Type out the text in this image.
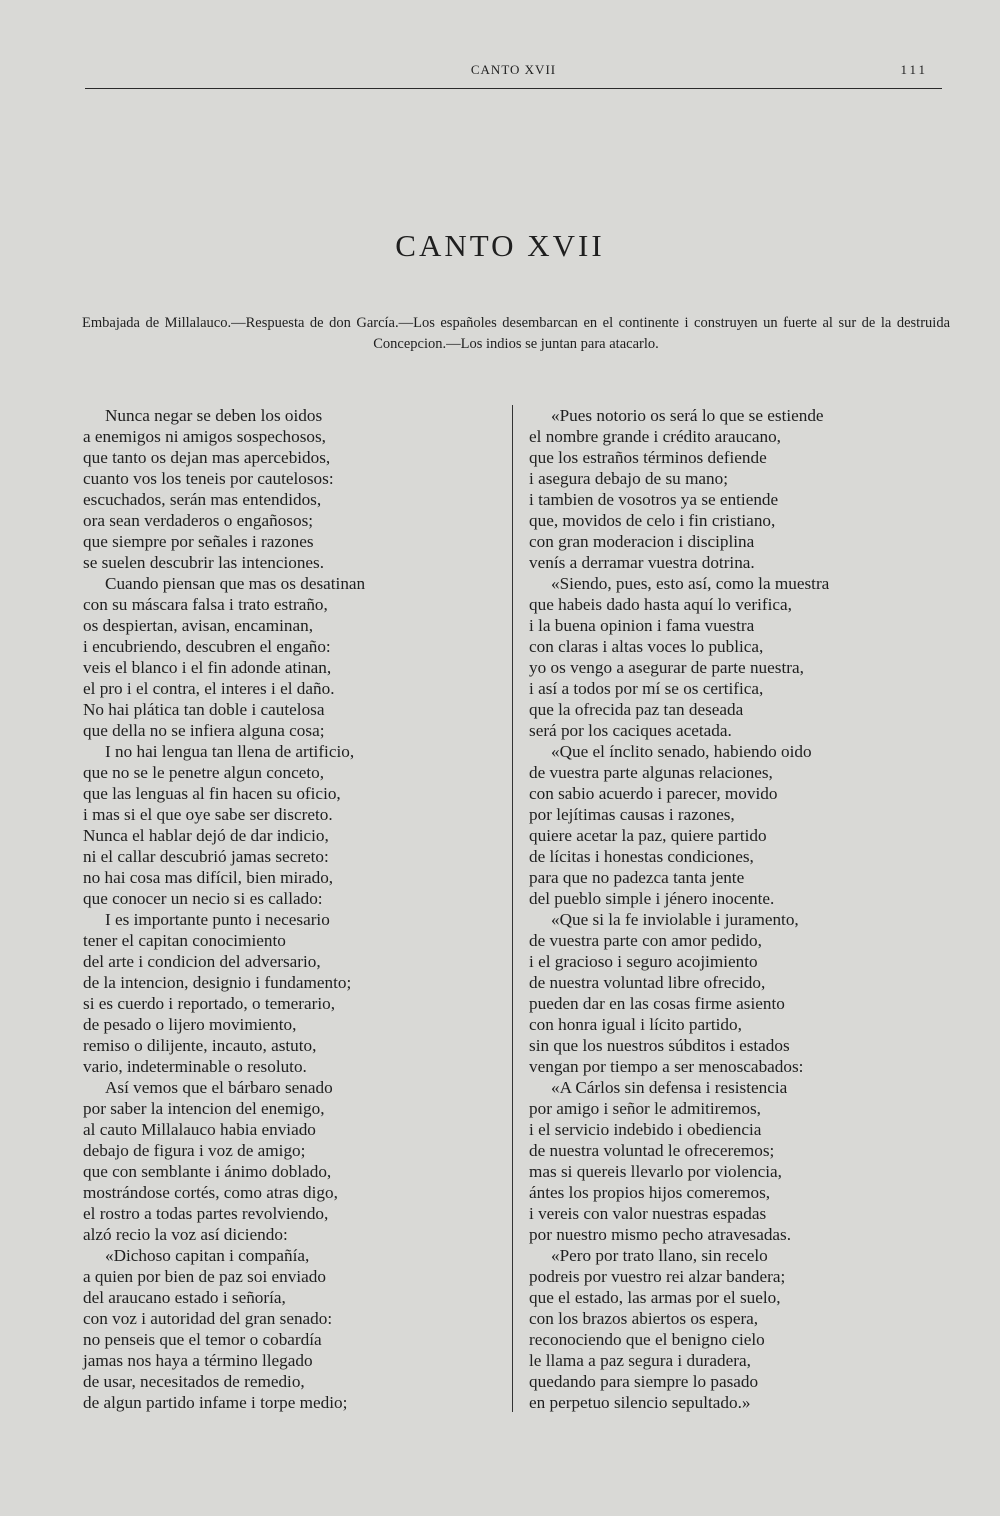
CANTO XVII	111
CANTO XVII

Embajada de Millalauco.—Respuesta de don García.—Los españoles desembarcan en el continente i construyen un fuerte al sur de la destruida Concepcion.—Los indios se juntan para atacarlo.

Nunca negar se deben los oidos
a enemigos ni amigos sospechosos,
que tanto os dejan mas apercebidos,
cuanto vos los teneis por cautelosos:
escuchados, serán mas entendidos,
ora sean verdaderos o engañosos;
que siempre por señales i razones
se suelen descubrir las intenciones.
Cuando piensan que mas os desatinan
con su máscara falsa i trato estraño,
os despiertan, avisan, encaminan,
i encubriendo, descubren el engaño:
veis el blanco i el fin adonde atinan,
el pro i el contra, el interes i el daño.
No hai plática tan doble i cautelosa
que della no se infiera alguna cosa;
I no hai lengua tan llena de artificio,
que no se le penetre algun conceto,
que las lenguas al fin hacen su oficio,
i mas si el que oye sabe ser discreto.
Nunca el hablar dejó de dar indicio,
ni el callar descubrió jamas secreto:
no hai cosa mas difícil, bien mirado,
que conocer un necio si es callado:
I es importante punto i necesario
tener el capitan conocimiento
del arte i condicion del adversario,
de la intencion, designio i fundamento;
si es cuerdo i reportado, o temerario,
de pesado o lijero movimiento,
remiso o dilijente, incauto, astuto,
vario, indeterminable o resoluto.
Así vemos que el bárbaro senado
por saber la intencion del enemigo,
al cauto Millalauco habia enviado
debajo de figura i voz de amigo;
que con semblante i ánimo doblado,
mostrándose cortés, como atras digo,
el rostro a todas partes revolviendo,
alzó recio la voz así diciendo:
«Dichoso capitan i compañía,
a quien por bien de paz soi enviado
del araucano estado i señoría,
con voz i autoridad del gran senado:
no penseis que el temor o cobardía
jamas nos haya a término llegado
de usar, necesitados de remedio,
de algun partido infame i torpe medio;
«Pues notorio os será lo que se estiende
el nombre grande i crédito araucano,
que los estraños términos defiende
i asegura debajo de su mano;
i tambien de vosotros ya se entiende
que, movidos de celo i fin cristiano,
con gran moderacion i disciplina
venís a derramar vuestra dotrina.
«Siendo, pues, esto así, como la muestra
que habeis dado hasta aquí lo verifica,
i la buena opinion i fama vuestra
con claras i altas voces lo publica,
yo os vengo a asegurar de parte nuestra,
i así a todos por mí se os certifica,
que la ofrecida paz tan deseada
será por los caciques acetada.
«Que el ínclito senado, habiendo oido
de vuestra parte algunas relaciones,
con sabio acuerdo i parecer, movido
por lejítimas causas i razones,
quiere acetar la paz, quiere partido
de lícitas i honestas condiciones,
para que no padezca tanta jente
del pueblo simple i jénero inocente.
«Que si la fe inviolable i juramento,
de vuestra parte con amor pedido,
i el gracioso i seguro acojimiento
de nuestra voluntad libre ofrecido,
pueden dar en las cosas firme asiento
con honra igual i lícito partido,
sin que los nuestros súbditos i estados
vengan por tiempo a ser menoscabados:
«A Cárlos sin defensa i resistencia
por amigo i señor le admitiremos,
i el servicio indebido i obediencia
de nuestra voluntad le ofreceremos;
mas si quereis llevarlo por violencia,
ántes los propios hijos comeremos,
i vereis con valor nuestras espadas
por nuestro mismo pecho atravesadas.
«Pero por trato llano, sin recelo
podreis por vuestro rei alzar bandera;
que el estado, las armas por el suelo,
con los brazos abiertos os espera,
reconociendo que el benigno cielo
le llama a paz segura i duradera,
quedando para siempre lo pasado
en perpetuo silencio sepultado.»
